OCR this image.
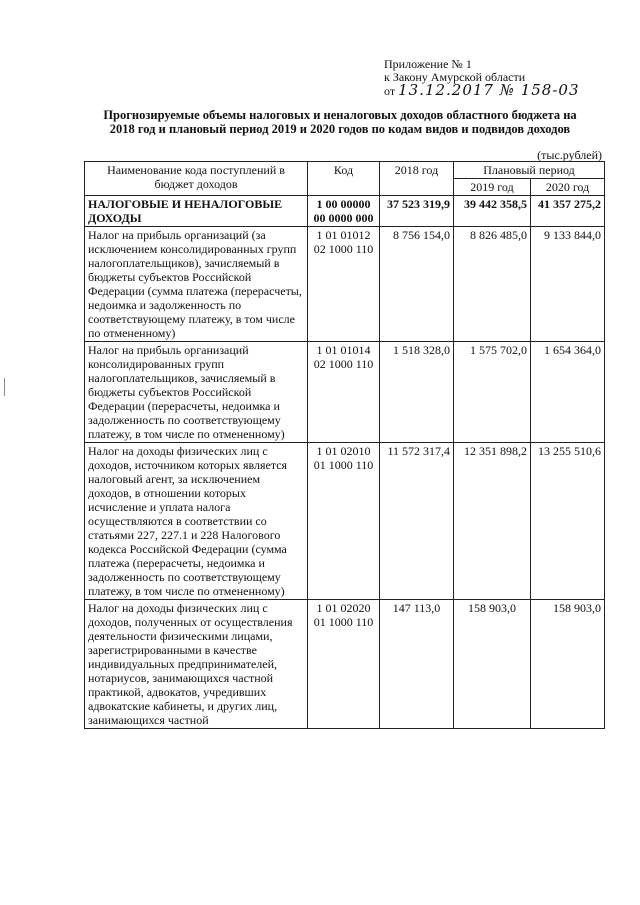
Приложение № 1
к Закону Амурской области
от 13.12.2017 № 158-03
Прогнозируемые объемы налоговых и неналоговых доходов областного бюджета на
2018 год и плановый период 2019 и 2020 годов по кодам видов и подвидов доходов
(тыс.рублей)
Наименование кода поступлений в бюджет доходов	Код	2018 год	Плановый период	
			2019 год	2020 год
НАЛОГОВЫЕ И НЕНАЛОГОВЫЕ ДОХОДЫ	1 00 00000 00 0000 000	37 523 319,9	39 442 358,5	41 357 275,2
Налог на прибыль организаций (за исключением консолидированных групп налогоплательщиков), зачисляемый в бюджеты субъектов Российской Федерации (сумма платежа (перерасчеты, недоимка и задолженность по соответствующему платежу, в том числе по отмененному)	1 01 01012 02 1000 110	8 756 154,0	8 826 485,0	9 133 844,0
Налог на прибыль организаций консолидированных групп налогоплательщиков, зачисляемый в бюджеты субъектов Российской Федерации (перерасчеты, недоимка и задолженность по соответствующему платежу, в том числе по отмененному)	1 01 01014 02 1000 110	1 518 328,0	1 575 702,0	1 654 364,0
Налог на доходы физических лиц с доходов, источником которых является налоговый агент, за исключением доходов, в отношении которых исчисление и уплата налога осуществляются в соответствии со статьями 227, 227.1 и 228 Налогового кодекса Российской Федерации (сумма платежа (перерасчеты, недоимка и задолженность по соответствующему платежу, в том числе по отмененному)	1 01 02010 01 1000 110	11 572 317,4	12 351 898,2	13 255 510,6
Налог на доходы физических лиц с доходов, полученных от осуществления деятельности физическими лицами, зарегистрированными в качестве индивидуальных предпринимателей, нотариусов, занимающихся частной практикой, адвокатов, учредивших адвокатские кабинеты, и других лиц, занимающихся частной	1 01 02020 01 1000 110	147 113,0	158 903,0	158 903,0
